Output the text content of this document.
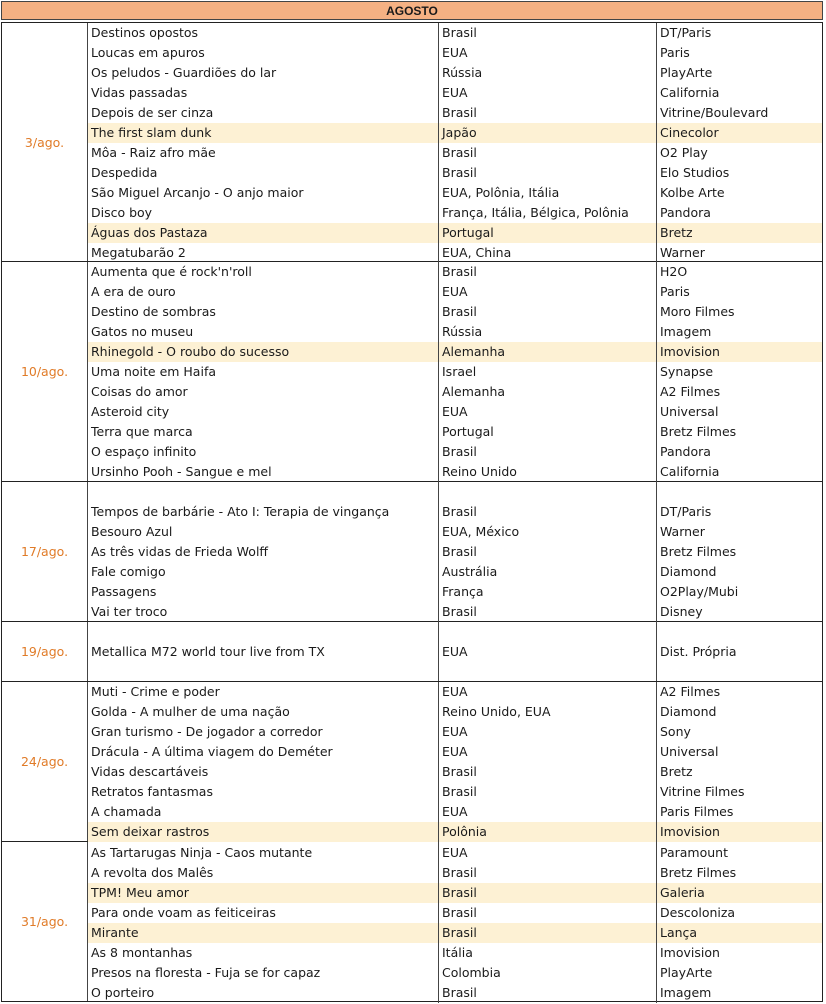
AGOSTO
3/ago.
Destinos opostos	Brasil	DT/Paris
Loucas em apuros	EUA	Paris
Os peludos - Guardiões do lar	Rússia	PlayArte
Vidas passadas	EUA	California
Depois de ser cinza	Brasil	Vitrine/Boulevard
The first slam dunk	Japão	Cinecolor
Môa - Raiz afro mãe	Brasil	O2 Play
Despedida	Brasil	Elo Studios
São Miguel Arcanjo - O anjo maior	EUA, Polônia, Itália	Kolbe Arte
Disco boy	França, Itália, Bélgica, Polônia	Pandora
Águas dos Pastaza	Portugal	Bretz
Megatubarão 2	EUA, China	Warner
10/ago.
Aumenta que é rock'n'roll	Brasil	H2O
A era de ouro	EUA	Paris
Destino de sombras	Brasil	Moro Filmes
Gatos no museu	Rússia	Imagem
Rhinegold - O roubo do sucesso	Alemanha	Imovision
Uma noite em Haifa	Israel	Synapse
Coisas do amor	Alemanha	A2 Filmes
Asteroid city	EUA	Universal
Terra que marca	Portugal	Bretz Filmes
O espaço infinito	Brasil	Pandora
Ursinho Pooh - Sangue e mel	Reino Unido	California
17/ago.
Tempos de barbárie - Ato I: Terapia de vingança	Brasil	DT/Paris
Besouro Azul	EUA, México	Warner
As três vidas de Frieda Wolff	Brasil	Bretz Filmes
Fale comigo	Austrália	Diamond
Passagens	França	O2Play/Mubi
Vai ter troco	Brasil	Disney
19/ago.	Metallica M72 world tour live from TX	EUA	Dist. Própria
24/ago.
Muti - Crime e poder	EUA	A2 Filmes
Golda - A mulher de uma nação	Reino Unido, EUA	Diamond
Gran turismo - De jogador a corredor	EUA	Sony
Drácula - A última viagem do Deméter	EUA	Universal
Vidas descartáveis	Brasil	Bretz
Retratos fantasmas	Brasil	Vitrine Filmes
A chamada	EUA	Paris Filmes
Sem deixar rastros	Polônia	Imovision
31/ago.
As Tartarugas Ninja - Caos mutante	EUA	Paramount
A revolta dos Malês	Brasil	Bretz Filmes
TPM! Meu amor	Brasil	Galeria
Para onde voam as feiticeiras	Brasil	Descoloniza
Mirante	Brasil	Lança
As 8 montanhas	Itália	Imovision
Presos na floresta - Fuja se for capaz	Colombia	PlayArte
O porteiro	Brasil	Imagem
